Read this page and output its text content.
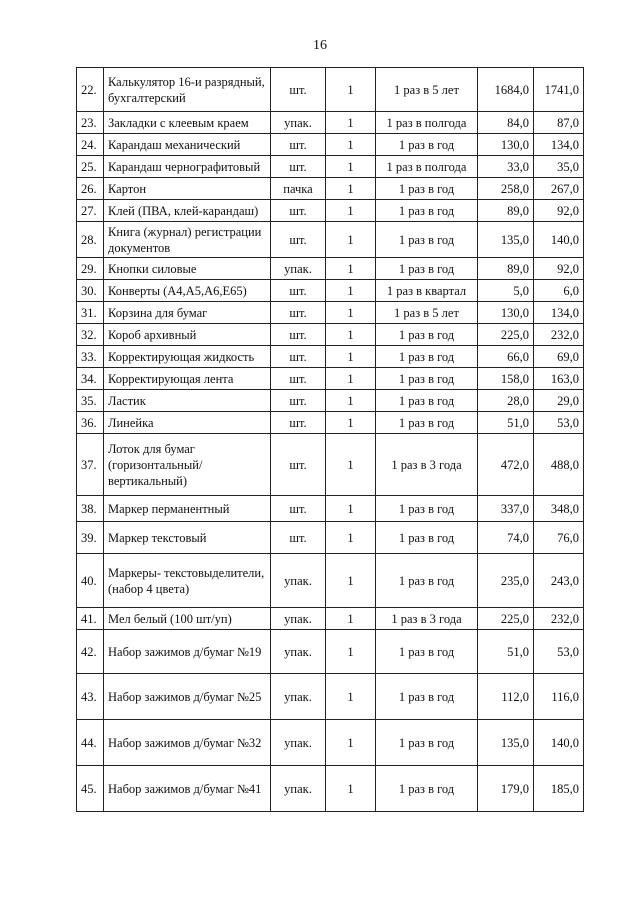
16
22.	Калькулятор 16-и разрядный, бухгалтерский	шт.	1	1 раз в 5 лет	1684,0	1741,0
23.	Закладки с клеевым краем	упак.	1	1 раз в полгода	84,0	87,0
24.	Карандаш механический	шт.	1	1 раз в год	130,0	134,0
25.	Карандаш чернографитовый	шт.	1	1 раз в полгода	33,0	35,0
26.	Картон	пачка	1	1 раз в год	258,0	267,0
27.	Клей (ПВА, клей-карандаш)	шт.	1	1 раз в год	89,0	92,0
28.	Книга (журнал) регистрации документов	шт.	1	1 раз в год	135,0	140,0
29.	Кнопки силовые	упак.	1	1 раз в год	89,0	92,0
30.	Конверты (А4,А5,А6,Е65)	шт.	1	1 раз в квартал	5,0	6,0
31.	Корзина для бумаг	шт.	1	1 раз в 5 лет	130,0	134,0
32.	Короб архивный	шт.	1	1 раз в год	225,0	232,0
33.	Корректирующая жидкость	шт.	1	1 раз в год	66,0	69,0
34.	Корректирующая лента	шт.	1	1 раз в год	158,0	163,0
35.	Ластик	шт.	1	1 раз в год	28,0	29,0
36.	Линейка	шт.	1	1 раз в год	51,0	53,0
37.	Лоток для бумаг (горизонтальный/ вертикальный)	шт.	1	1 раз в 3 года	472,0	488,0
38.	Маркер перманентный	шт.	1	1 раз в год	337,0	348,0
39.	Маркер текстовый	шт.	1	1 раз в год	74,0	76,0
40.	Маркеры- текстовыделители, (набор 4 цвета)	упак.	1	1 раз в год	235,0	243,0
41.	Мел белый (100 шт/уп)	упак.	1	1 раз в 3 года	225,0	232,0
42.	Набор зажимов д/бумаг №19	упак.	1	1 раз в год	51,0	53,0
43.	Набор зажимов д/бумаг №25	упак.	1	1 раз в год	112,0	116,0
44.	Набор зажимов д/бумаг №32	упак.	1	1 раз в год	135,0	140,0
45.	Набор зажимов д/бумаг №41	упак.	1	1 раз в год	179,0	185,0
